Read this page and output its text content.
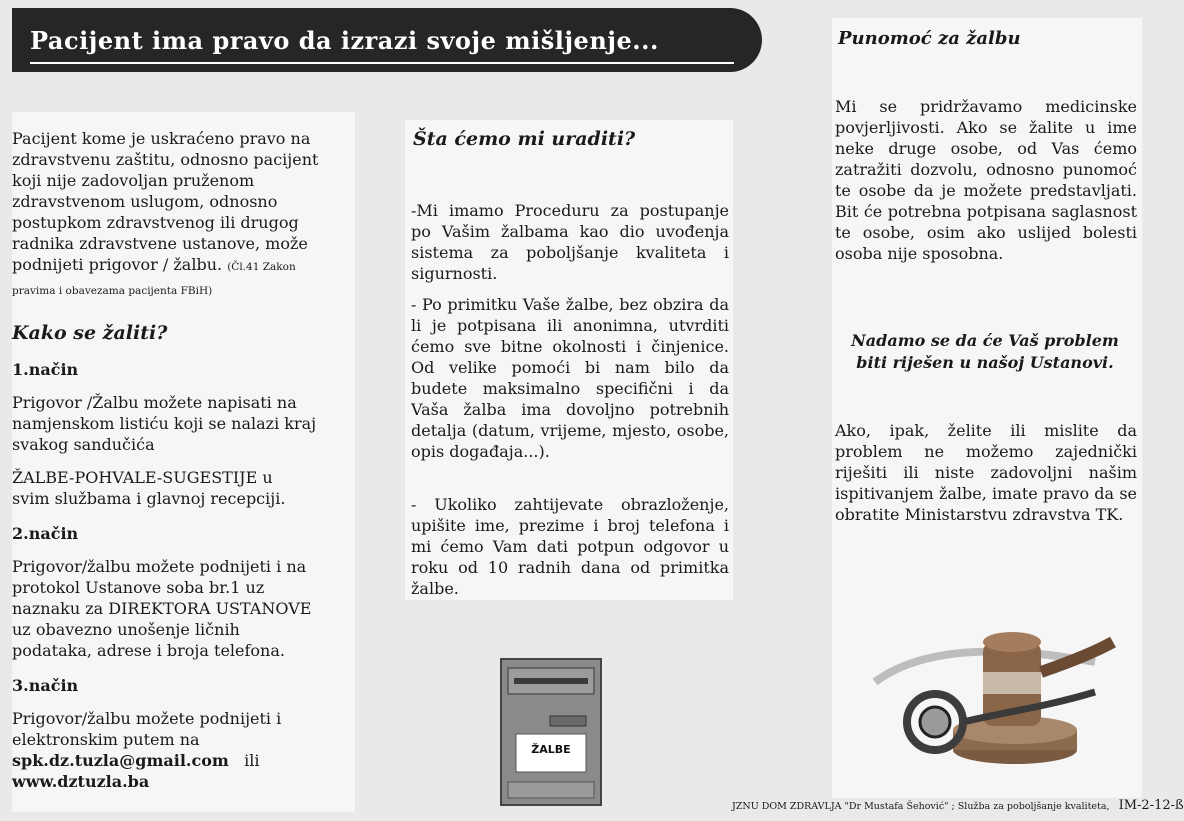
Pacijent ima pravo da izrazi svoje mišljenje...

Pacijent kome je uskraćeno pravo na zdravstvenu zaštitu, odnosno pacijent koji nije zadovoljan pruženom zdravstvenom uslugom, odnosno postupkom zdravstvenog ili drugog radnika zdravstvene ustanove, može podnijeti prigovor / žalbu. (Čl.41 Zakon pravima i obavezama pacijenta FBiH)

Kako se žaliti?
1.način

Prigovor /Žalbu možete napisati na namjenskom listiću koji se nalazi kraj svakog sandučića

ŽALBE-POHVALE-SUGESTIJE u svim službama i glavnoj recepciji.

2.način

Prigovor/žalbu možete podnijeti i na protokol Ustanove soba br.1 uz naznaku za DIREKTORA USTANOVE uz obavezno unošenje ličnih podataka, adrese i broja telefona.

3.način

Prigovor/žalbu možete podnijeti i elektronskim putem na
spk.dz.tuzla@gmail.com ili
www.dztuzla.ba

Šta ćemo mi uraditi?

-Mi imamo Proceduru za postupanje po Vašim žalbama kao dio uvođenja sistema za poboljšanje kvaliteta i sigurnosti.

- Po primitku Vaše žalbe, bez obzira da li je potpisana ili anonimna, utvrditi ćemo sve bitne okolnosti i činjenice. Od velike pomoći bi nam bilo da budete maksimalno specifični i da Vaša žalba ima dovoljno potrebnih detalja (datum, vrijeme, mjesto, osobe, opis događaja...).

- Ukoliko zahtijevate obrazloženje, upišite ime, prezime i broj telefona i mi ćemo Vam dati potpun odgovor u roku od 10 radnih dana od primitka žalbe.

ŽALBE
Punomoć za žalbu

Mi se pridržavamo medicinske povjerljivosti. Ako se žalite u ime neke druge osobe, od Vas ćemo zatražiti dozvolu, odnosno punomoć te osobe da je možete predstavljati. Bit će potrebna potpisana saglasnost te osobe, osim ako uslijed bolesti osoba nije sposobna.

Nadamo se da će Vaš problem biti riješen u našoj Ustanovi.

Ako, ipak, želite ili mislite da problem ne možemo zajednički riješiti ili niste zadovoljni našim ispitivanjem žalbe, imate pravo da se obratite Ministarstvu zdravstva TK.

JZNU DOM ZDRAVLJA "Dr Mustafa Šehović" ; Služba za poboljšanje kvaliteta, IM-2-12-ß
